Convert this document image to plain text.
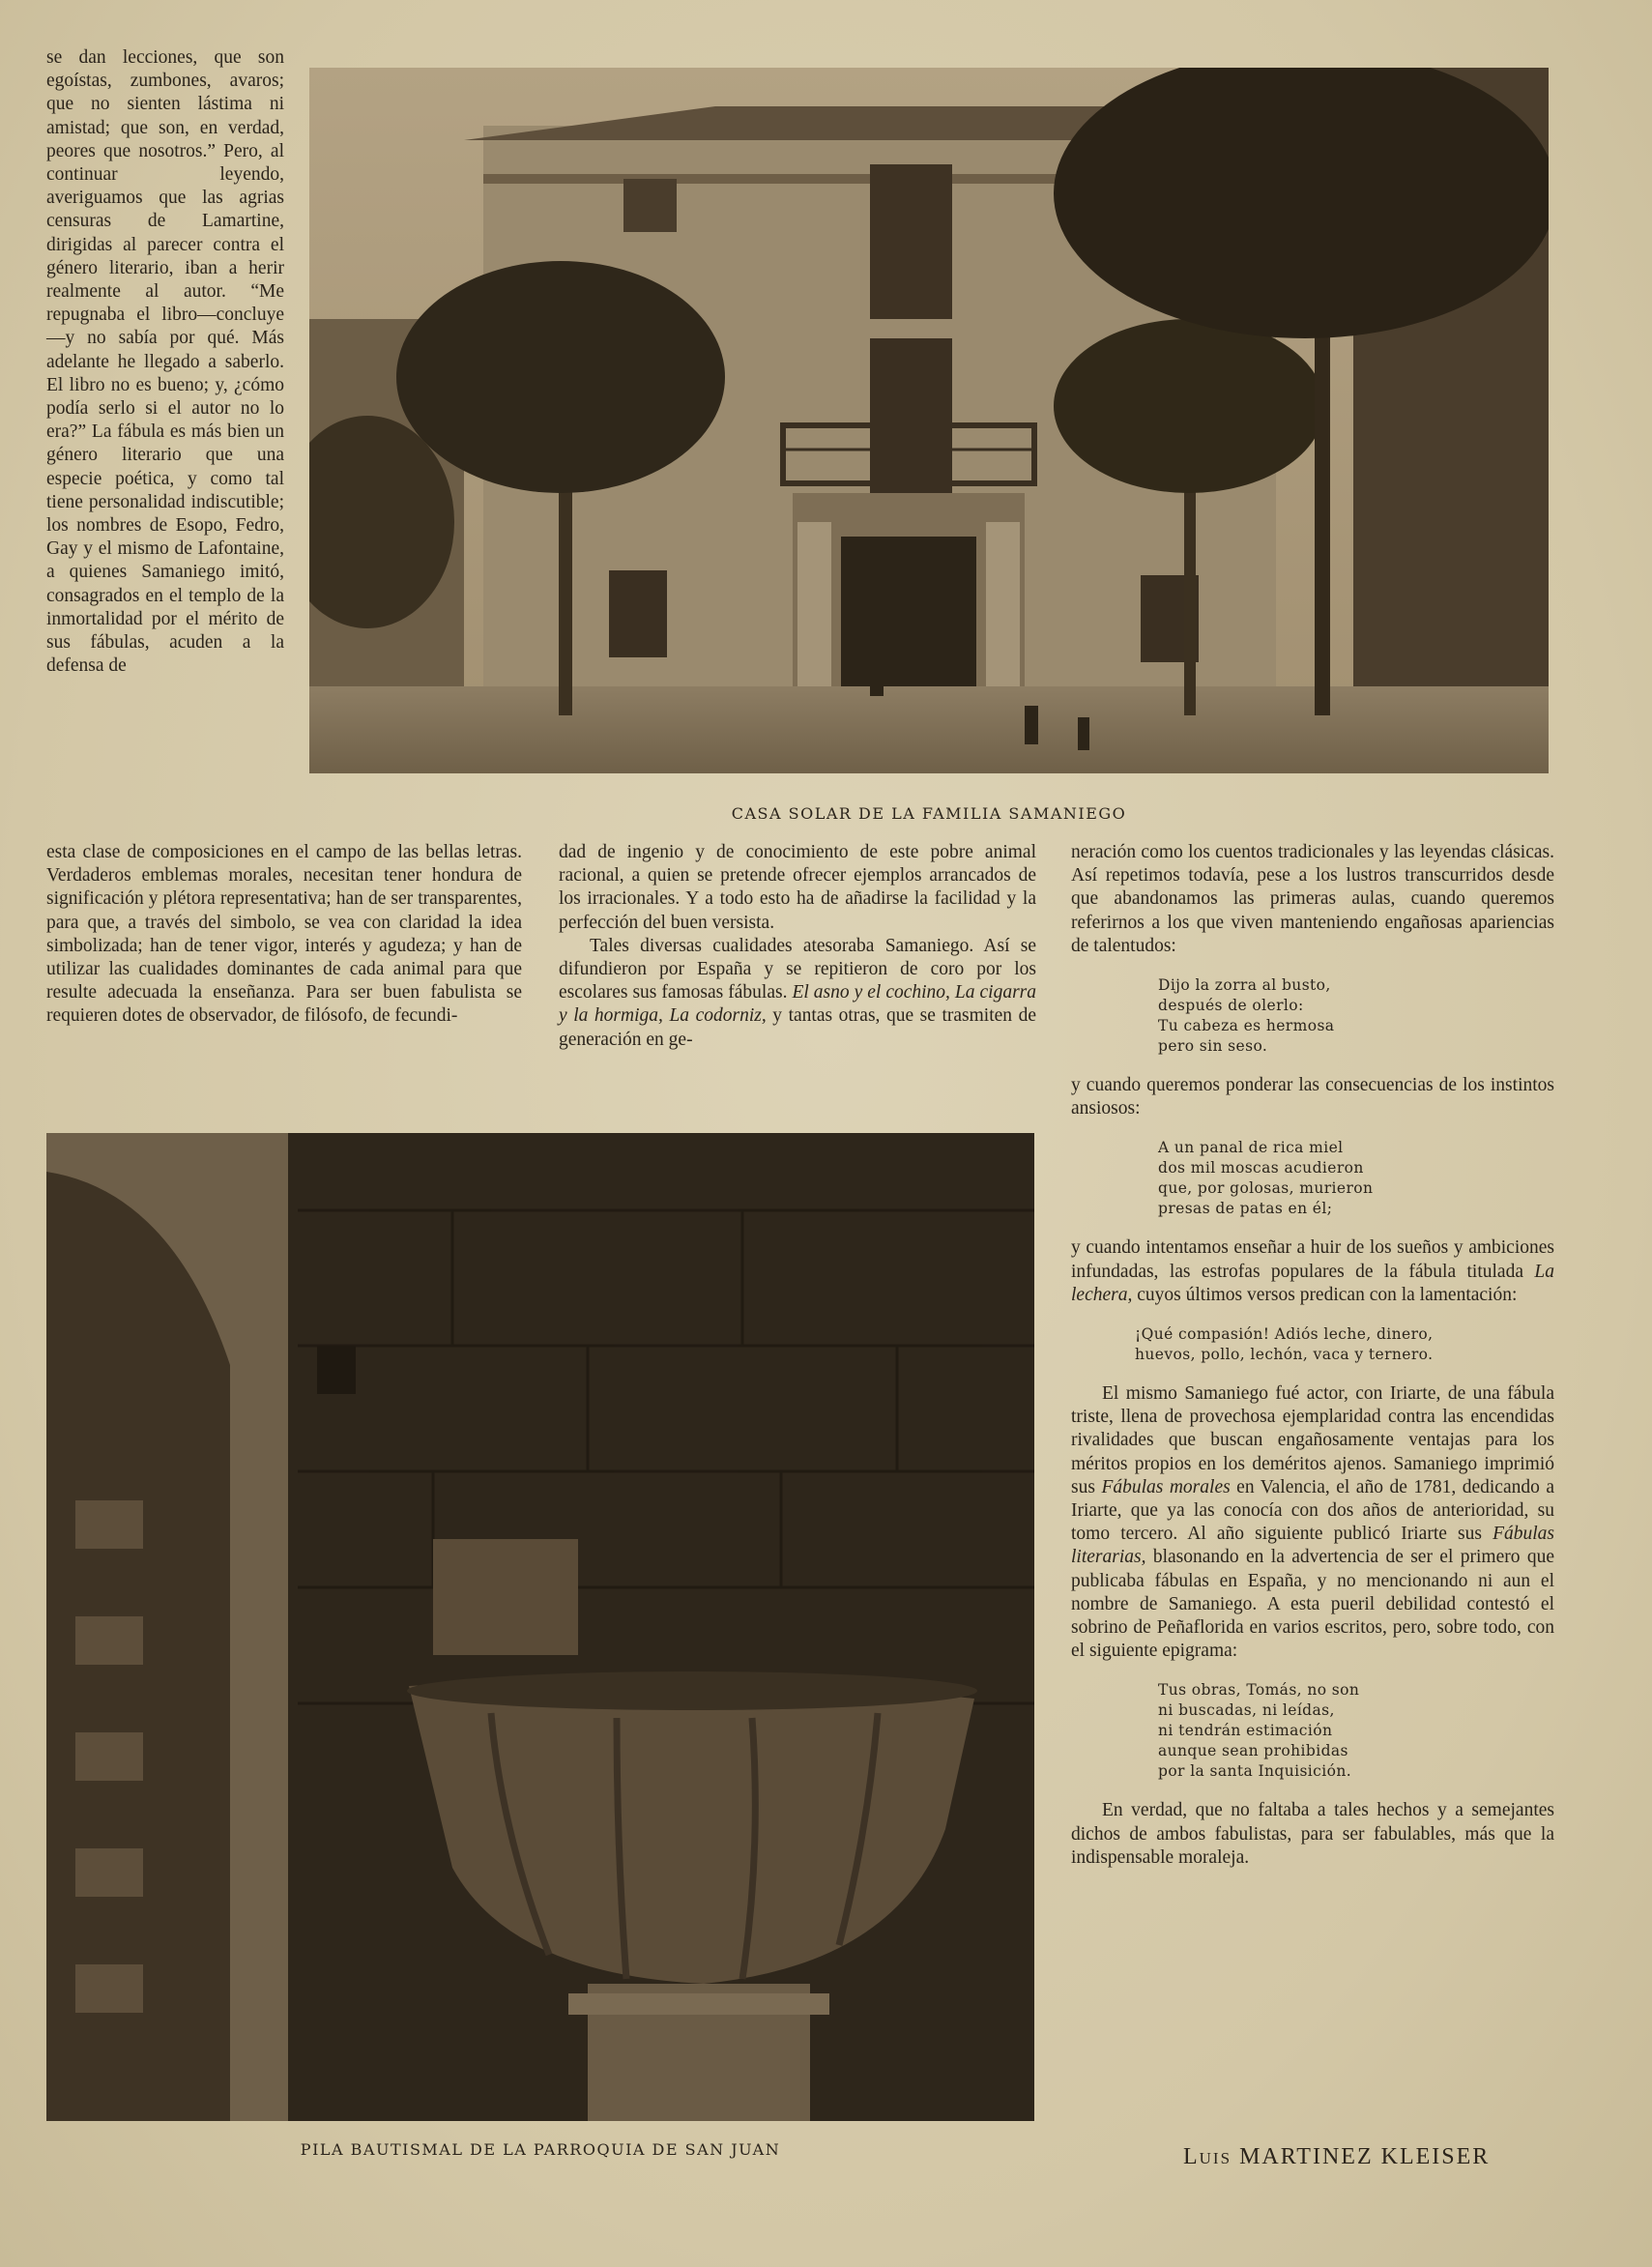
se dan lecciones, que son egoístas, zumbones, avaros; que no sienten lástima ni amistad; que son, en verdad, peores que nosotros.” Pero, al continuar leyendo, averiguamos que las agrias censuras de Lamartine, dirigidas al parecer contra el género literario, iban a herir realmente al autor. “Me repugnaba el libro—concluye—y no sabía por qué. Más adelante he llegado a saberlo. El libro no es bueno; y, ¿cómo podía serlo si el autor no lo era?” La fábula es más bien un género literario que una especie poética, y como tal tiene personalidad indiscutible; los nombres de Esopo, Fedro, Gay y el mismo de Lafontaine, a quienes Samaniego imitó, consagrados en el templo de la inmortalidad por el mérito de sus fábulas, acuden a la defensa de

CASA SOLAR DE LA FAMILIA SAMANIEGO

esta clase de composiciones en el campo de las bellas letras. Verdaderos emblemas morales, necesitan tener hondura de significación y plétora representativa; han de ser transparentes, para que, a través del simbolo, se vea con claridad la idea simbolizada; han de tener vigor, interés y agudeza; y han de utilizar las cualidades dominantes de cada animal para que resulte adecuada la enseñanza. Para ser buen fabulista se requieren dotes de observador, de filósofo, de fecundi-

dad de ingenio y de conocimiento de este pobre animal racional, a quien se pretende ofrecer ejemplos arrancados de los irracionales. Y a todo esto ha de añadirse la facilidad y la perfección del buen versista.

Tales diversas cualidades atesoraba Samaniego. Así se difundieron por España y se repitieron de coro por los escolares sus famosas fábulas. El asno y el cochino, La cigarra y la hormiga, La codorniz, y tantas otras, que se trasmiten de generación en ge-

neración como los cuentos tradicionales y las leyendas clásicas. Así repetimos todavía, pese a los lustros transcurridos desde que abandonamos las primeras aulas, cuando queremos referirnos a los que viven manteniendo engañosas apariencias de talentudos:

Dijo la zorra al busto,
después de olerlo:
Tu cabeza es hermosa
pero sin seso.

y cuando queremos ponderar las consecuencias de los instintos ansiosos:

A un panal de rica miel
dos mil moscas acudieron
que, por golosas, murieron
presas de patas en él;

y cuando intentamos enseñar a huir de los sueños y ambiciones infundadas, las estrofas populares de la fábula titulada La lechera, cuyos últimos versos predican con la lamentación:

¡Qué compasión! Adiós leche, dinero,
huevos, pollo, lechón, vaca y ternero.

El mismo Samaniego fué actor, con Iriarte, de una fábula triste, llena de provechosa ejemplaridad contra las encendidas rivalidades que buscan engañosamente ventajas para los méritos propios en los deméritos ajenos. Samaniego imprimió sus Fábulas morales en Valencia, el año de 1781, dedicando a Iriarte, que ya las conocía con dos años de anterioridad, su tomo tercero. Al año siguiente publicó Iriarte sus Fábulas literarias, blasonando en la advertencia de ser el primero que publicaba fábulas en España, y no mencionando ni aun el nombre de Samaniego. A esta pueril debilidad contestó el sobrino de Peñaflorida en varios escritos, pero, sobre todo, con el siguiente epigrama:

Tus obras, Tomás, no son
ni buscadas, ni leídas,
ni tendrán estimación
aunque sean prohibidas
por la santa Inquisición.

En verdad, que no faltaba a tales hechos y a semejantes dichos de ambos fabulistas, para ser fabulables, más que la indispensable moraleja.

PILA BAUTISMAL DE LA PARROQUIA DE SAN JUAN	Luis MARTINEZ KLEISER
